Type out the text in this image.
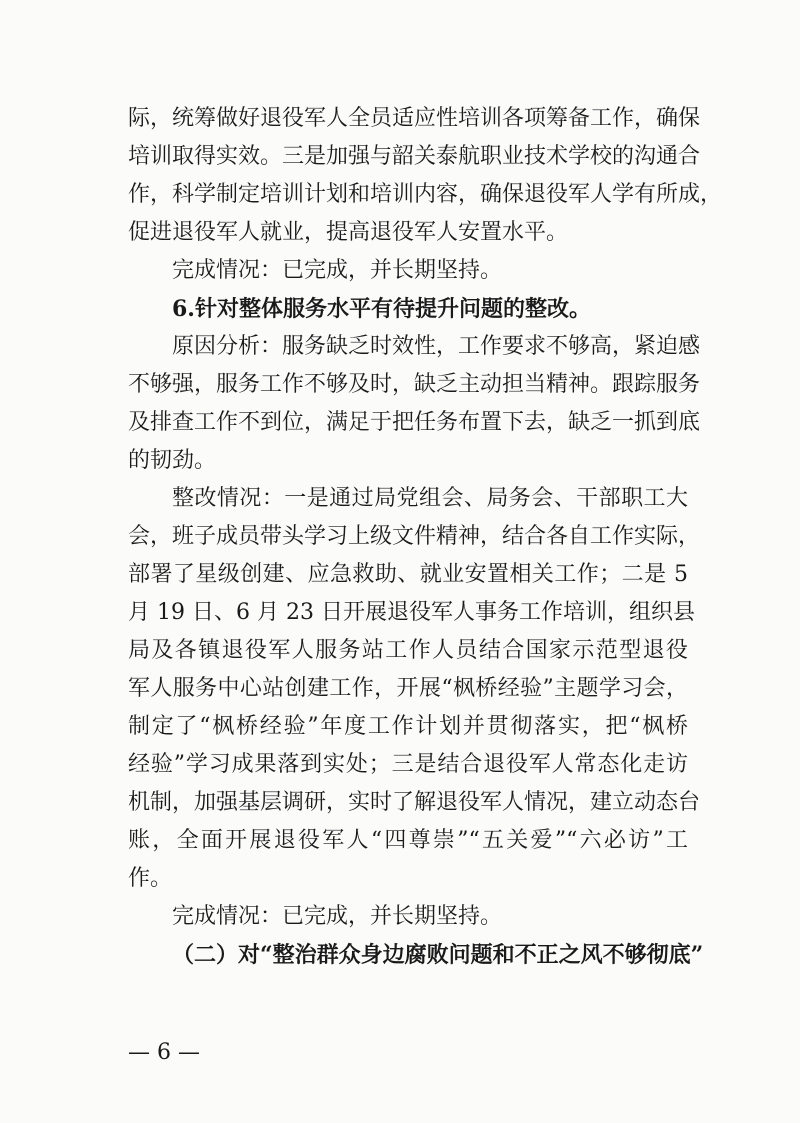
际，统筹做好退役军人全员适应性培训各项筹备工作，确保
培训取得实效。三是加强与韶关泰航职业技术学校的沟通合
作，科学制定培训计划和培训内容，确保退役军人学有所成，
促进退役军人就业，提高退役军人安置水平。
完成情况：已完成，并长期坚持。
6.针对整体服务水平有待提升问题的整改。
原因分析：服务缺乏时效性，工作要求不够高，紧迫感
不够强，服务工作不够及时，缺乏主动担当精神。跟踪服务
及排查工作不到位，满足于把任务布置下去，缺乏一抓到底
的韧劲。
整改情况：一是通过局党组会、局务会、干部职工大
会，班子成员带头学习上级文件精神，结合各自工作实际，
部署了星级创建、应急救助、就业安置相关工作；二是 5
月 19 日、6 月 23 日开展退役军人事务工作培训，组织县
局及各镇退役军人服务站工作人员结合国家示范型退役
军人服务中心站创建工作，开展“枫桥经验”主题学习会，
制定了“枫桥经验”年度工作计划并贯彻落实，把“枫桥
经验”学习成果落到实处；三是结合退役军人常态化走访
机制，加强基层调研，实时了解退役军人情况，建立动态台
账，全面开展退役军人“四尊崇”“五关爱”“六必访”工
作。
完成情况：已完成，并长期坚持。
（二）对“整治群众身边腐败问题和不正之风不够彻底”
— 6 —
